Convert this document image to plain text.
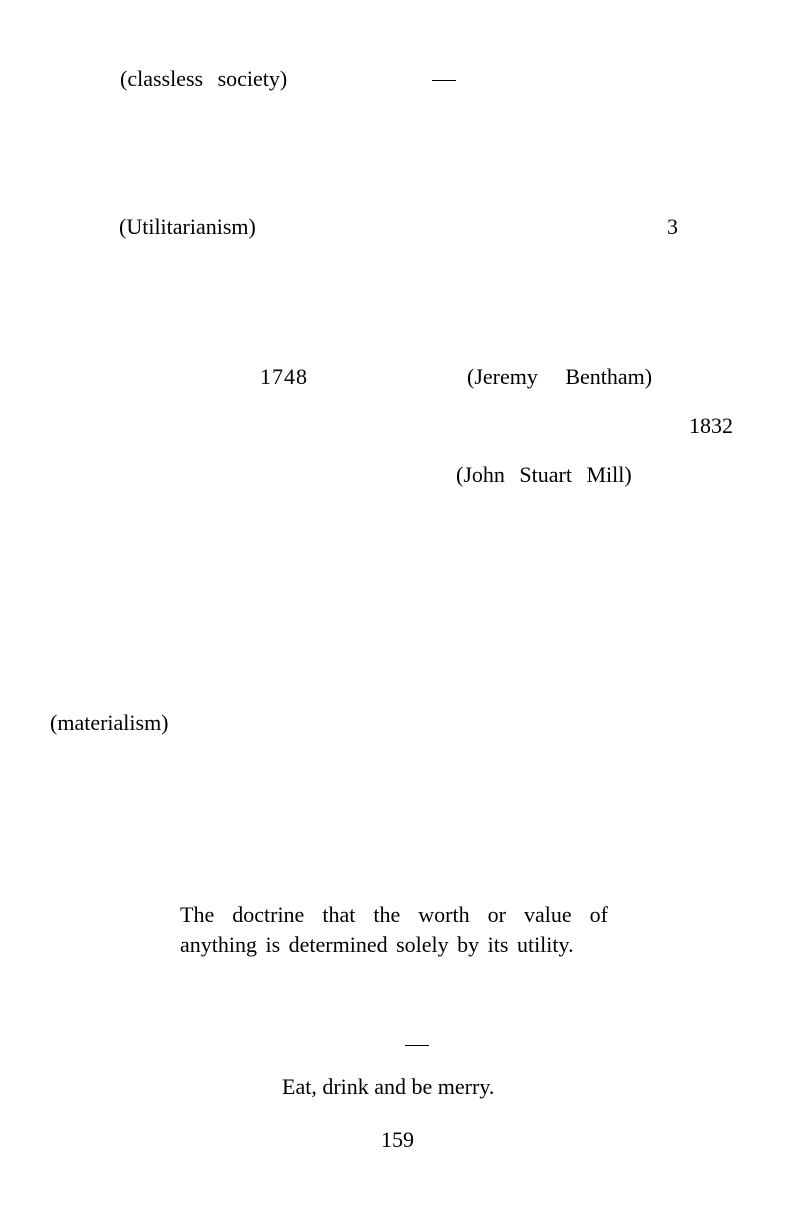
(classless society)

(Utilitarianism)	3

1748	(Jeremy Bentham)

1832

(John Stuart Mill)

(materialism)

The doctrine that the worth or value of anything is determined solely by its utility.

Eat, drink and be merry.

159
